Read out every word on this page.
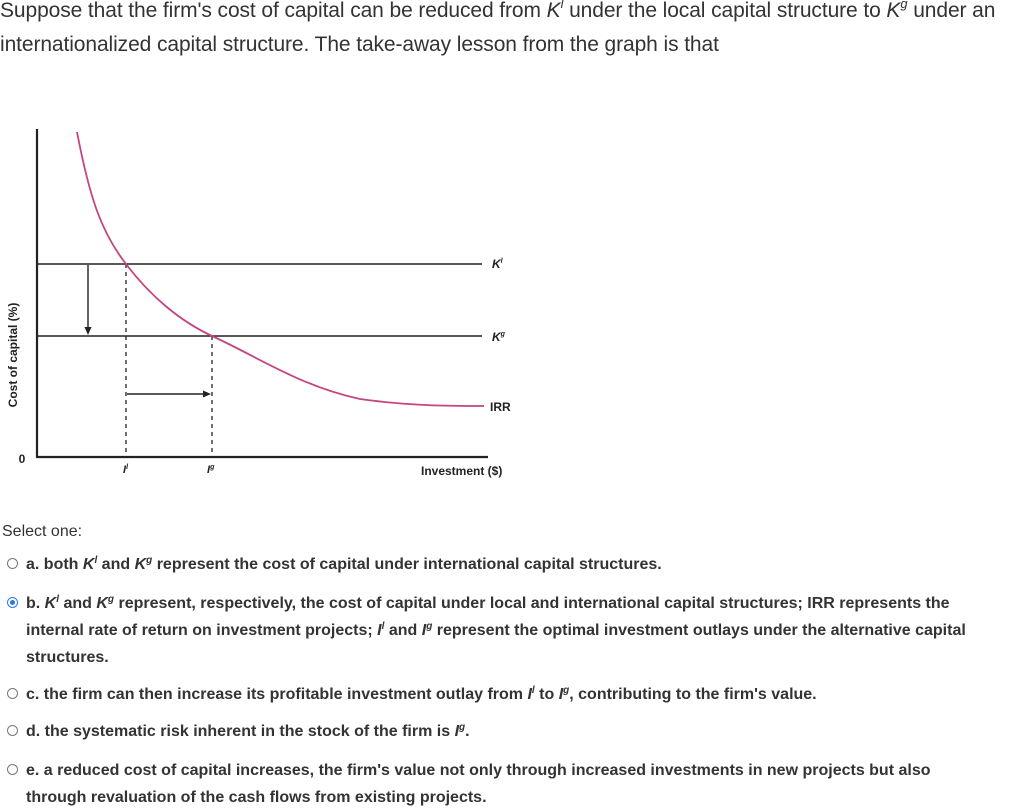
Suppose that the firm's cost of capital can be reduced from $K^l$ under the local capital structure to $K^g$ under an internationalized capital structure. The take-away lesson from the graph is that
Cost of capital (%)
0
$K^l$
$K^g$
IRR
$I^l$	$I^g$	Investment ($)
Select one:
a. both $K^l$ and $K^g$ represent the cost of capital under international capital structures.
b. $K^l$ and $K^g$ represent, respectively, the cost of capital under local and international capital structures; IRR represents the internal rate of return on investment projects; $I^l$ and $I^g$ represent the optimal investment outlays under the alternative capital structures.
c. the firm can then increase its profitable investment outlay from $I^l$ to $I^g$, contributing to the firm's value.
d. the systematic risk inherent in the stock of the firm is $I^g$.
e. a reduced cost of capital increases, the firm's value not only through increased investments in new projects but also through revaluation of the cash flows from existing projects.
